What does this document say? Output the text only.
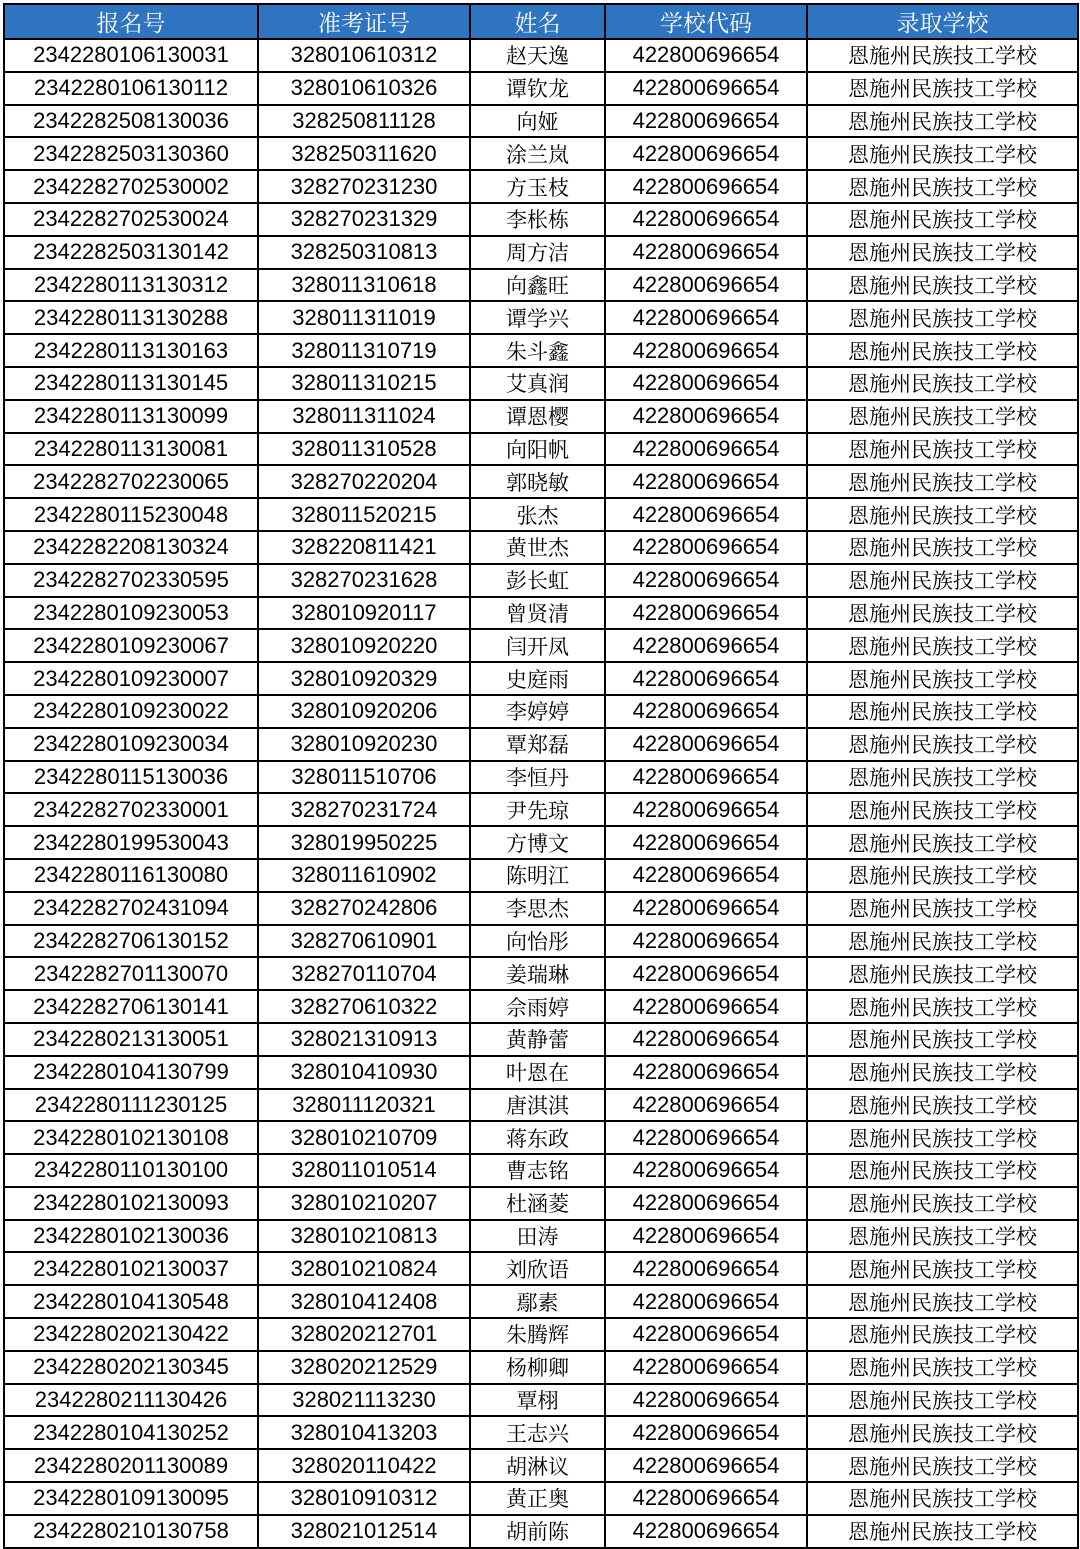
报名号	准考证号	姓名	学校代码	录取学校
2342280106130031	328010610312	赵天逸	422800696654	恩施州民族技工学校
2342280106130112	328010610326	谭钦龙	422800696654	恩施州民族技工学校
2342282508130036	328250811128	向娅	422800696654	恩施州民族技工学校
2342282503130360	328250311620	涂兰岚	422800696654	恩施州民族技工学校
2342282702530002	328270231230	方玉枝	422800696654	恩施州民族技工学校
2342282702530024	328270231329	李枨栋	422800696654	恩施州民族技工学校
2342282503130142	328250310813	周方洁	422800696654	恩施州民族技工学校
2342280113130312	328011310618	向鑫旺	422800696654	恩施州民族技工学校
2342280113130288	328011311019	谭学兴	422800696654	恩施州民族技工学校
2342280113130163	328011310719	朱斗鑫	422800696654	恩施州民族技工学校
2342280113130145	328011310215	艾真润	422800696654	恩施州民族技工学校
2342280113130099	328011311024	谭恩樱	422800696654	恩施州民族技工学校
2342280113130081	328011310528	向阳帆	422800696654	恩施州民族技工学校
2342282702230065	328270220204	郭晓敏	422800696654	恩施州民族技工学校
2342280115230048	328011520215	张杰	422800696654	恩施州民族技工学校
2342282208130324	328220811421	黄世杰	422800696654	恩施州民族技工学校
2342282702330595	328270231628	彭长虹	422800696654	恩施州民族技工学校
2342280109230053	328010920117	曾贤清	422800696654	恩施州民族技工学校
2342280109230067	328010920220	闫开凤	422800696654	恩施州民族技工学校
2342280109230007	328010920329	史庭雨	422800696654	恩施州民族技工学校
2342280109230022	328010920206	李婷婷	422800696654	恩施州民族技工学校
2342280109230034	328010920230	覃郑磊	422800696654	恩施州民族技工学校
2342280115130036	328011510706	李恒丹	422800696654	恩施州民族技工学校
2342282702330001	328270231724	尹先琼	422800696654	恩施州民族技工学校
2342280199530043	328019950225	方博文	422800696654	恩施州民族技工学校
2342280116130080	328011610902	陈明江	422800696654	恩施州民族技工学校
2342282702431094	328270242806	李思杰	422800696654	恩施州民族技工学校
2342282706130152	328270610901	向怡彤	422800696654	恩施州民族技工学校
2342282701130070	328270110704	姜瑞琳	422800696654	恩施州民族技工学校
2342282706130141	328270610322	佘雨婷	422800696654	恩施州民族技工学校
2342280213130051	328021310913	黄静蕾	422800696654	恩施州民族技工学校
2342280104130799	328010410930	叶恩在	422800696654	恩施州民族技工学校
2342280111230125	328011120321	唐淇淇	422800696654	恩施州民族技工学校
2342280102130108	328010210709	蒋东政	422800696654	恩施州民族技工学校
2342280110130100	328011010514	曹志铭	422800696654	恩施州民族技工学校
2342280102130093	328010210207	杜涵菱	422800696654	恩施州民族技工学校
2342280102130036	328010210813	田涛	422800696654	恩施州民族技工学校
2342280102130037	328010210824	刘欣语	422800696654	恩施州民族技工学校
2342280104130548	328010412408	鄢素	422800696654	恩施州民族技工学校
2342280202130422	328020212701	朱腾辉	422800696654	恩施州民族技工学校
2342280202130345	328020212529	杨柳卿	422800696654	恩施州民族技工学校
2342280211130426	328021113230	覃栩	422800696654	恩施州民族技工学校
2342280104130252	328010413203	王志兴	422800696654	恩施州民族技工学校
2342280201130089	328020110422	胡淋议	422800696654	恩施州民族技工学校
2342280109130095	328010910312	黄正奥	422800696654	恩施州民族技工学校
2342280210130758	328021012514	胡前陈	422800696654	恩施州民族技工学校
